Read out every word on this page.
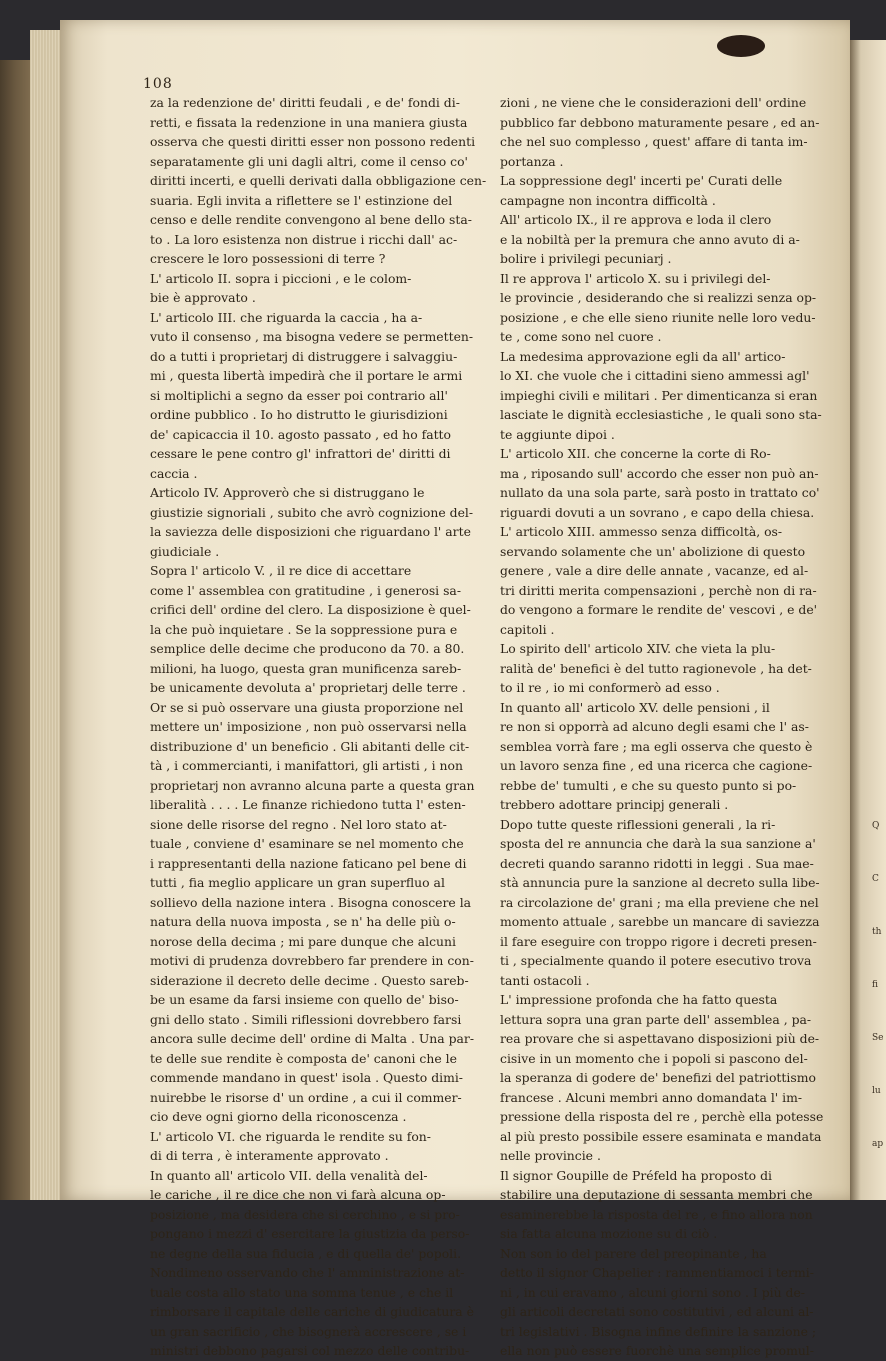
Q
C
th
fi
Se
lu
ap
108
za la redenzione de' diritti feudali , e de' fondi di-
retti, e fissata la redenzione in una maniera giusta
osserva che questi diritti esser non possono redenti
separatamente gli uni dagli altri, come il censo co'
diritti incerti, e quelli derivati dalla obbligazione cen-
suaria. Egli invita a riflettere se l' estinzione del
censo e delle rendite convengono al bene dello sta-
to . La loro esistenza non distrue i ricchi dall' ac-
crescere le loro possessioni di terre ?
L' articolo II. sopra i piccioni , e le colom-
bie è approvato .
L' articolo III. che riguarda la caccia , ha a-
vuto il consenso , ma bisogna vedere se permetten-
do a tutti i proprietarj di distruggere i salvaggiu-
mi , questa libertà impedirà che il portare le armi
si moltiplichi a segno da esser poi contrario all'
ordine pubblico . Io ho distrutto le giurisdizioni
de' capicaccia il 10. agosto passato , ed ho fatto
cessare le pene contro gl' infrattori de' diritti di
caccia .
Articolo IV. Approverò che si distruggano le
giustizie signoriali , subito che avrò cognizione del-
la saviezza delle disposizioni che riguardano l' arte
giudiciale .
Sopra l' articolo V. , il re dice di accettare
come l' assemblea con gratitudine , i generosi sa-
crifici dell' ordine del clero. La disposizione è quel-
la che può inquietare . Se la soppressione pura e
semplice delle decime che producono da 70. a 80.
milioni, ha luogo, questa gran munificenza sareb-
be unicamente devoluta a' proprietarj delle terre .
Or se si può osservare una giusta proporzione nel
mettere un' imposizione , non può osservarsi nella
distribuzione d' un beneficio . Gli abitanti delle cit-
tà , i commercianti, i manifattori, gli artisti , i non
proprietarj non avranno alcuna parte a questa gran
liberalità . . . . Le finanze richiedono tutta l' esten-
sione delle risorse del regno . Nel loro stato at-
tuale , conviene d' esaminare se nel momento che
i rappresentanti della nazione faticano pel bene di
tutti , fia meglio applicare un gran superfluo al
sollievo della nazione intera . Bisogna conoscere la
natura della nuova imposta , se n' ha delle più o-
norose della decima ; mi pare dunque che alcuni
motivi di prudenza dovrebbero far prendere in con-
siderazione il decreto delle decime . Questo sareb-
be un esame da farsi insieme con quello de' biso-
gni dello stato . Simili riflessioni dovrebbero farsi
ancora sulle decime dell' ordine di Malta . Una par-
te delle sue rendite è composta de' canoni che le
commende mandano in quest' isola . Questo dimi-
nuirebbe le risorse d' un ordine , a cui il commer-
cio deve ogni giorno della riconoscenza .
L' articolo VI. che riguarda le rendite su fon-
di di terra , è interamente approvato .
In quanto all' articolo VII. della venalità del-
le cariche , il re dice che non vi farà alcuna op-
posizione , ma desidera che si cerchino , e si pro-
pongano i mezzi d' esercitare la giustizia da perso-
ne degne della sua fiducia , e di quella de' popoli.
Nondimeno osservando che l' amministrazione at-
tuale costa allo stato una somma tenue , e che il
rimborsare il capitale delle cariche di giudicatura è
un gran sacrificio , che bisognerà accrescere , se i
ministri debbono pagarsi col mezzo delle contribu-
zioni , ne viene che le considerazioni dell' ordine
pubblico far debbono maturamente pesare , ed an-
che nel suo complesso , quest' affare di tanta im-
portanza .
La soppressione degl' incerti pe' Curati delle
campagne non incontra difficoltà .
All' articolo IX., il re approva e loda il clero
e la nobiltà per la premura che anno avuto di a-
bolire i privilegi pecuniarj .
Il re approva l' articolo X. su i privilegi del-
le provincie , desiderando che si realizzi senza op-
posizione , e che elle sieno riunite nelle loro vedu-
te , come sono nel cuore .
La medesima approvazione egli da all' artico-
lo XI. che vuole che i cittadini sieno ammessi agl'
impieghi civili e militari . Per dimenticanza si eran
lasciate le dignità ecclesiastiche , le quali sono sta-
te aggiunte dipoi .
L' articolo XII. che concerne la corte di Ro-
ma , riposando sull' accordo che esser non può an-
nullato da una sola parte, sarà posto in trattato co'
riguardi dovuti a un sovrano , e capo della chiesa.
L' articolo XIII. ammesso senza difficoltà, os-
servando solamente che un' abolizione di questo
genere , vale a dire delle annate , vacanze, ed al-
tri diritti merita compensazioni , perchè non di ra-
do vengono a formare le rendite de' vescovi , e de'
capitoli .
Lo spirito dell' articolo XIV. che vieta la plu-
ralità de' benefici è del tutto ragionevole , ha det-
to il re , io mi conformerò ad esso .
In quanto all' articolo XV. delle pensioni , il
re non si opporrà ad alcuno degli esami che l' as-
semblea vorrà fare ; ma egli osserva che questo è
un lavoro senza fine , ed una ricerca che cagione-
rebbe de' tumulti , e che su questo punto si po-
trebbero adottare principj generali .
Dopo tutte queste riflessioni generali , la ri-
sposta del re annuncia che darà la sua sanzione a'
decreti quando saranno ridotti in leggi . Sua mae-
stà annuncia pure la sanzione al decreto sulla libe-
ra circolazione de' grani ; ma ella previene che nel
momento attuale , sarebbe un mancare di saviezza
il fare eseguire con troppo rigore i decreti presen-
ti , specialmente quando il potere esecutivo trova
tanti ostacoli .
L' impressione profonda che ha fatto questa
lettura sopra una gran parte dell' assemblea , pa-
rea provare che si aspettavano disposizioni più de-
cisive in un momento che i popoli si pascono del-
la speranza di godere de' benefizi del patriottismo
francese . Alcuni membri anno domandata l' im-
pressione della risposta del re , perchè ella potesse
al più presto possibile essere esaminata e mandata
nelle provincie .
Il signor Goupille de Préfeld ha proposto di
stabilire una deputazione di sessanta membri che
esaminerebbe la risposta del re , e fino allora non
sia fatta alcuna mozione su di ciò .
Non son io del parere del preopinante , ha
detto il signor Chapelier : rammentiamoci i termi-
ni , in cui eravamo , alcuni giorni sono . I più de-
gli articoli decretati sono costitutivi , ed alcuni al-
tri legislativi . Bisogna infine definire la sanzione ;
ella non può essere fuorchè una semplice promul-
